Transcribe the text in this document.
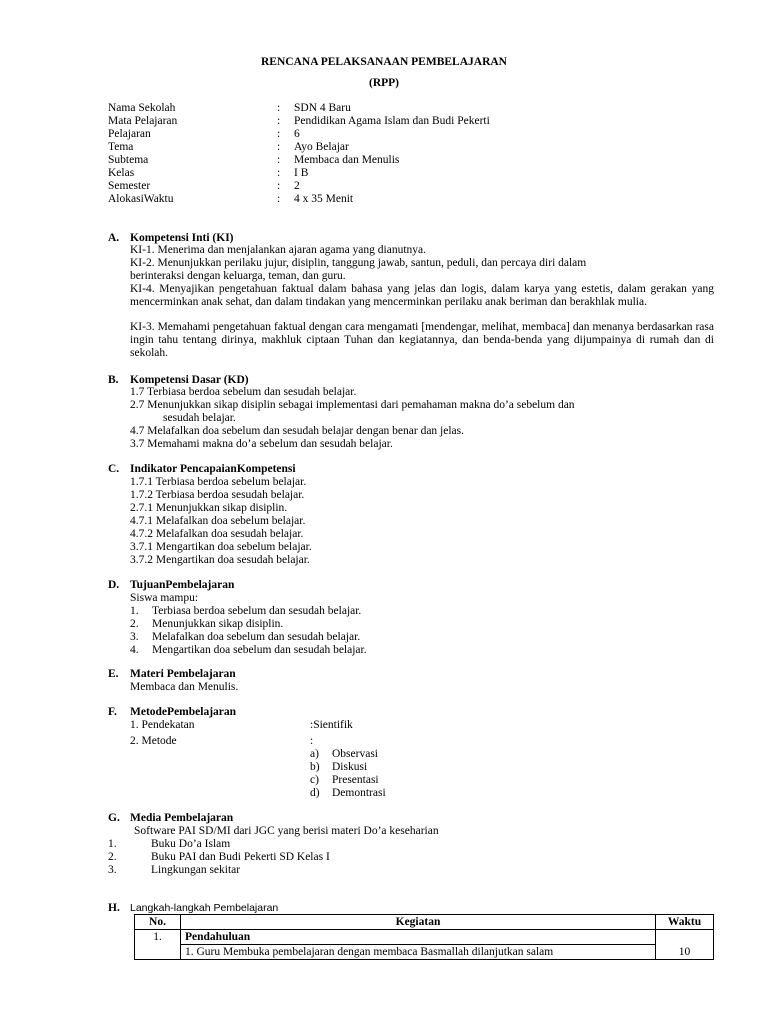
RENCANA PELAKSANAAN PEMBELAJARAN
(RPP)
Nama Sekolah	: SDN 4 Baru
Mata Pelajaran	: Pendidikan Agama Islam dan Budi Pekerti
Pelajaran	: 6
Tema	: Ayo Belajar
Subtema	: Membaca dan Menulis
Kelas	: I B
Semester	: 2
AlokasiWaktu	: 4 x 35 Menit
A. Kompetensi Inti (KI)
KI-1. Menerima dan menjalankan ajaran agama yang dianutnya.
KI-2. Menunjukkan perilaku jujur, disiplin, tanggung jawab, santun, peduli, dan percaya diri dalam
berinteraksi dengan keluarga, teman, dan guru.
KI-4. Menyajikan pengetahuan faktual dalam bahasa yang jelas dan logis, dalam karya yang estetis, dalam gerakan yang mencerminkan anak sehat, dan dalam tindakan yang mencerminkan perilaku anak beriman dan berakhlak mulia.
KI-3. Memahami pengetahuan faktual dengan cara mengamati [mendengar, melihat, membaca] dan menanya berdasarkan rasa ingin tahu tentang dirinya, makhluk ciptaan Tuhan dan kegiatannya, dan benda-benda yang dijumpainya di rumah dan di sekolah.
B. Kompetensi Dasar (KD)
1.7 Terbiasa berdoa sebelum dan sesudah belajar.
2.7 Menunjukkan sikap disiplin sebagai implementasi dari pemahaman makna do’a sebelum dan
sesudah belajar.
4.7 Melafalkan doa sebelum dan sesudah belajar dengan benar dan jelas.
3.7 Memahami makna do’a sebelum dan sesudah belajar.
C. Indikator PencapaianKompetensi
1.7.1 Terbiasa berdoa sebelum belajar.
1.7.2 Terbiasa berdoa sesudah belajar.
2.7.1 Menunjukkan sikap disiplin.
4.7.1 Melafalkan doa sebelum belajar.
4.7.2 Melafalkan doa sesudah belajar.
3.7.1 Mengartikan doa sebelum belajar.
3.7.2 Mengartikan doa sesudah belajar.
D. TujuanPembelajaran
Siswa mampu:
1. Terbiasa berdoa sebelum dan sesudah belajar.
2. Menunjukkan sikap disiplin.
3. Melafalkan doa sebelum dan sesudah belajar.
4. Mengartikan doa sebelum dan sesudah belajar.
E. Materi Pembelajaran
Membaca dan Menulis.
F. MetodePembelajaran
1. Pendekatan	:Sientifik
2. Metode	:
a) Observasi
b) Diskusi
c) Presentasi
d) Demontrasi
G. Media Pembelajaran
Software PAI SD/MI dari JGC yang berisi materi Do’a keseharian
1.	Buku Do’a Islam
2.	Buku PAI dan Budi Pekerti SD Kelas I
3.	Lingkungan sekitar
H. Langkah-langkah Pembelajaran
No.	Kegiatan	Waktu
1.	Pendahuluan	
	1. Guru Membuka pembelajaran dengan membaca Basmallah dilanjutkan salam	10
